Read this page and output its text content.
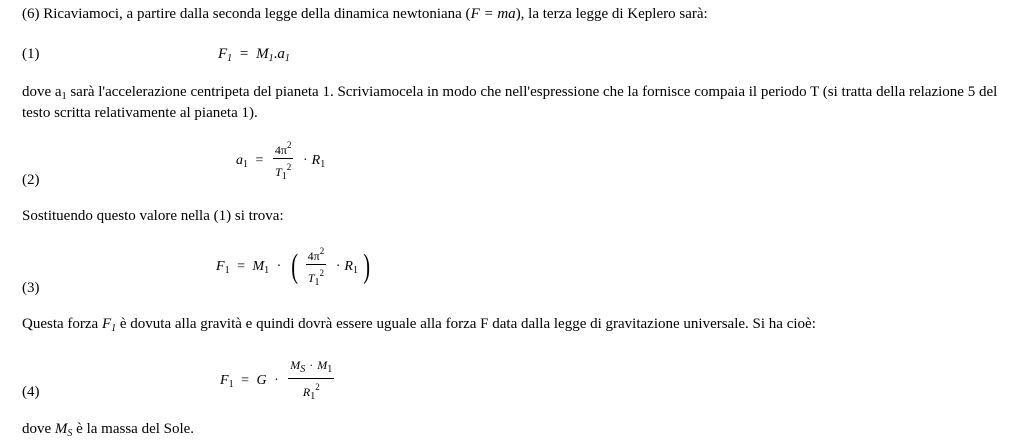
(6) Ricaviamoci, a partire dalla seconda legge della dinamica newtoniana (F = ma), la terza legge di Keplero sarà:
(1)	$F_1 = M_1.a_1$
dove $a_1$ sarà l'accelerazione centripeta del pianeta 1. Scriviamocela in modo che nell'espressione che la fornisce compaia il periodo T (si tratta della relazione 5 del testo scritta relativamente al pianeta 1).
$a_1 = \frac{4\pi^2}{T_1^2} \cdot R_1$
(2)
Sostituendo questo valore nella (1) si trova:
$F_1 = M_1$ · ( $\frac{4\pi^2}{T_1^2} \cdot R_1$ )
(3)
Questa forza $F_1$ è dovuta alla gravità e quindi dovrà essere uguale alla forza F data dalla legge di gravitazione universale. Si ha cioè:
$F_1 = G \cdot \frac{M_S \cdot M_1}{R_1^2}$
(4)
dove $M_S$ è la massa del Sole.
